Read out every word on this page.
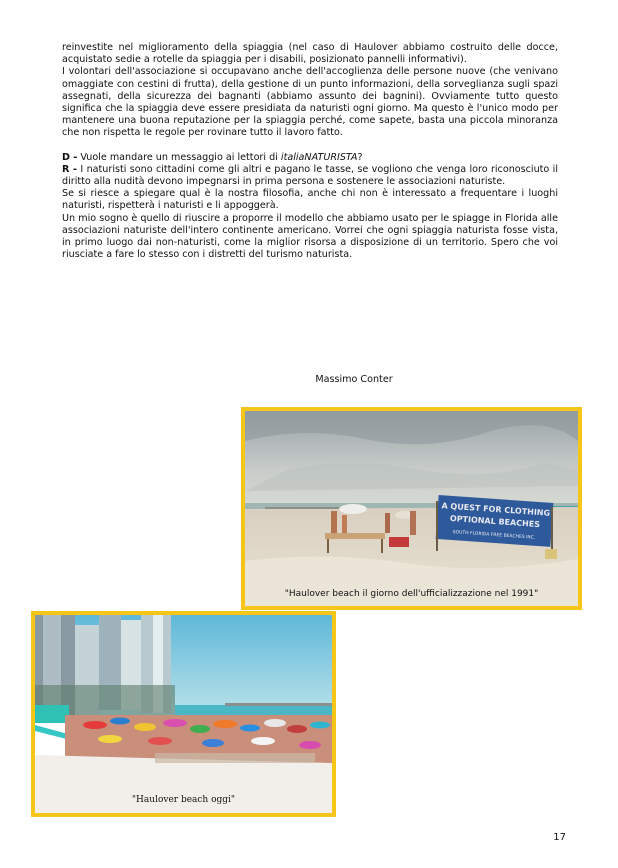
reinvestite nel miglioramento della spiaggia (nel caso di Haulover abbiamo costruito delle docce, acquistato sedie a rotelle da spiaggia per i disabili, posizionato pannelli informativi).

I volontari dell'associazione si occupavano anche dell'accoglienza delle persone nuove (che venivano omaggiate con cestini di frutta), della gestione di un punto informazioni, della sorveglianza sugli spazi assegnati, della sicurezza dei bagnanti (abbiamo assunto dei bagnini). Ovviamente tutto questo significa che la spiaggia deve essere presidiata da naturisti ogni giorno. Ma questo è l'unico modo per mantenere una buona reputazione per la spiaggia perché, come sapete, basta una piccola minoranza che non rispetta le regole per rovinare tutto il lavoro fatto.

D - Vuole mandare un messaggio ai lettori di italiaNATURISTA?

R - I naturisti sono cittadini come gli altri e pagano le tasse, se vogliono che venga loro riconosciuto il diritto alla nudità devono impegnarsi in prima persona e sostenere le associazioni naturiste.

Se si riesce a spiegare qual è la nostra filosofia, anche chi non è interessato a frequentare i luoghi naturisti, rispetterà i naturisti e li appoggerà.

Un mio sogno è quello di riuscire a proporre il modello che abbiamo usato per le spiagge in Florida alle associazioni naturiste dell'intero continente americano. Vorrei che ogni spiaggia naturista fosse vista, in primo luogo dai non-naturisti, come la miglior risorsa a disposizione di un territorio. Spero che voi riusciate a fare lo stesso con i distretti del turismo naturista.

Massimo Conter
A QUEST FOR CLOTHING
OPTIONAL BEACHES
SOUTH FLORIDA FREE BEACHES INC.
"Haulover beach il giorno dell'ufficializzazione nel 1991"
"Haulover beach oggi"
17
